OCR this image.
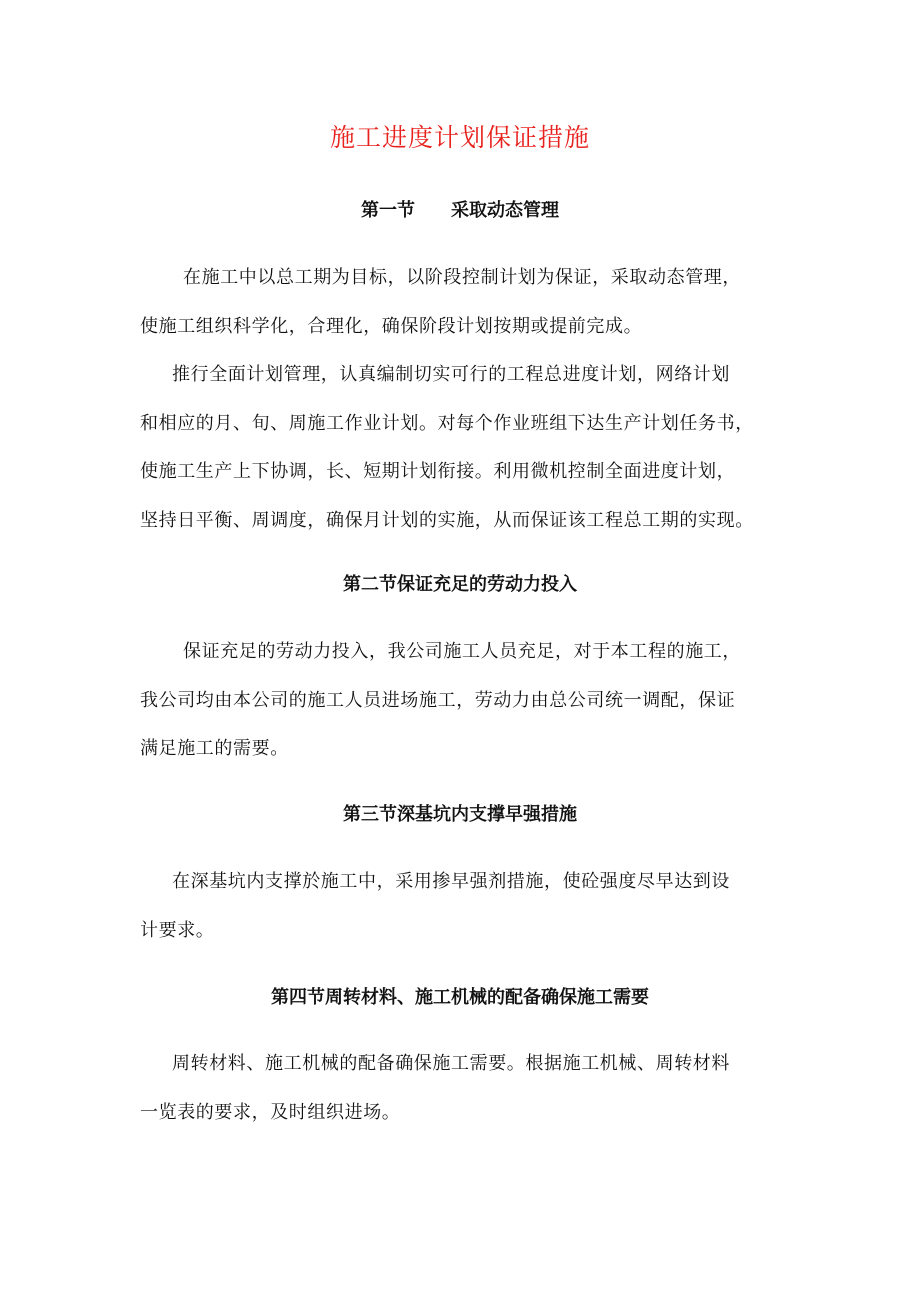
施工进度计划保证措施
第一节　　采取动态管理

在施工中以总工期为目标，以阶段控制计划为保证，采取动态管理，

使施工组织科学化，合理化，确保阶段计划按期或提前完成。

推行全面计划管理，认真编制切实可行的工程总进度计划，网络计划

和相应的月、旬、周施工作业计划。对每个作业班组下达生产计划任务书，

使施工生产上下协调，长、短期计划衔接。利用微机控制全面进度计划，

坚持日平衡、周调度，确保月计划的实施，从而保证该工程总工期的实现。

第二节保证充足的劳动力投入

保证充足的劳动力投入，我公司施工人员充足，对于本工程的施工，

我公司均由本公司的施工人员进场施工，劳动力由总公司统一调配，保证

满足施工的需要。

第三节深基坑内支撑早强措施

在深基坑内支撑於施工中，采用掺早强剂措施，使砼强度尽早达到设

计要求。

第四节周转材料、施工机械的配备确保施工需要

周转材料、施工机械的配备确保施工需要。根据施工机械、周转材料

一览表的要求，及时组织进场。
